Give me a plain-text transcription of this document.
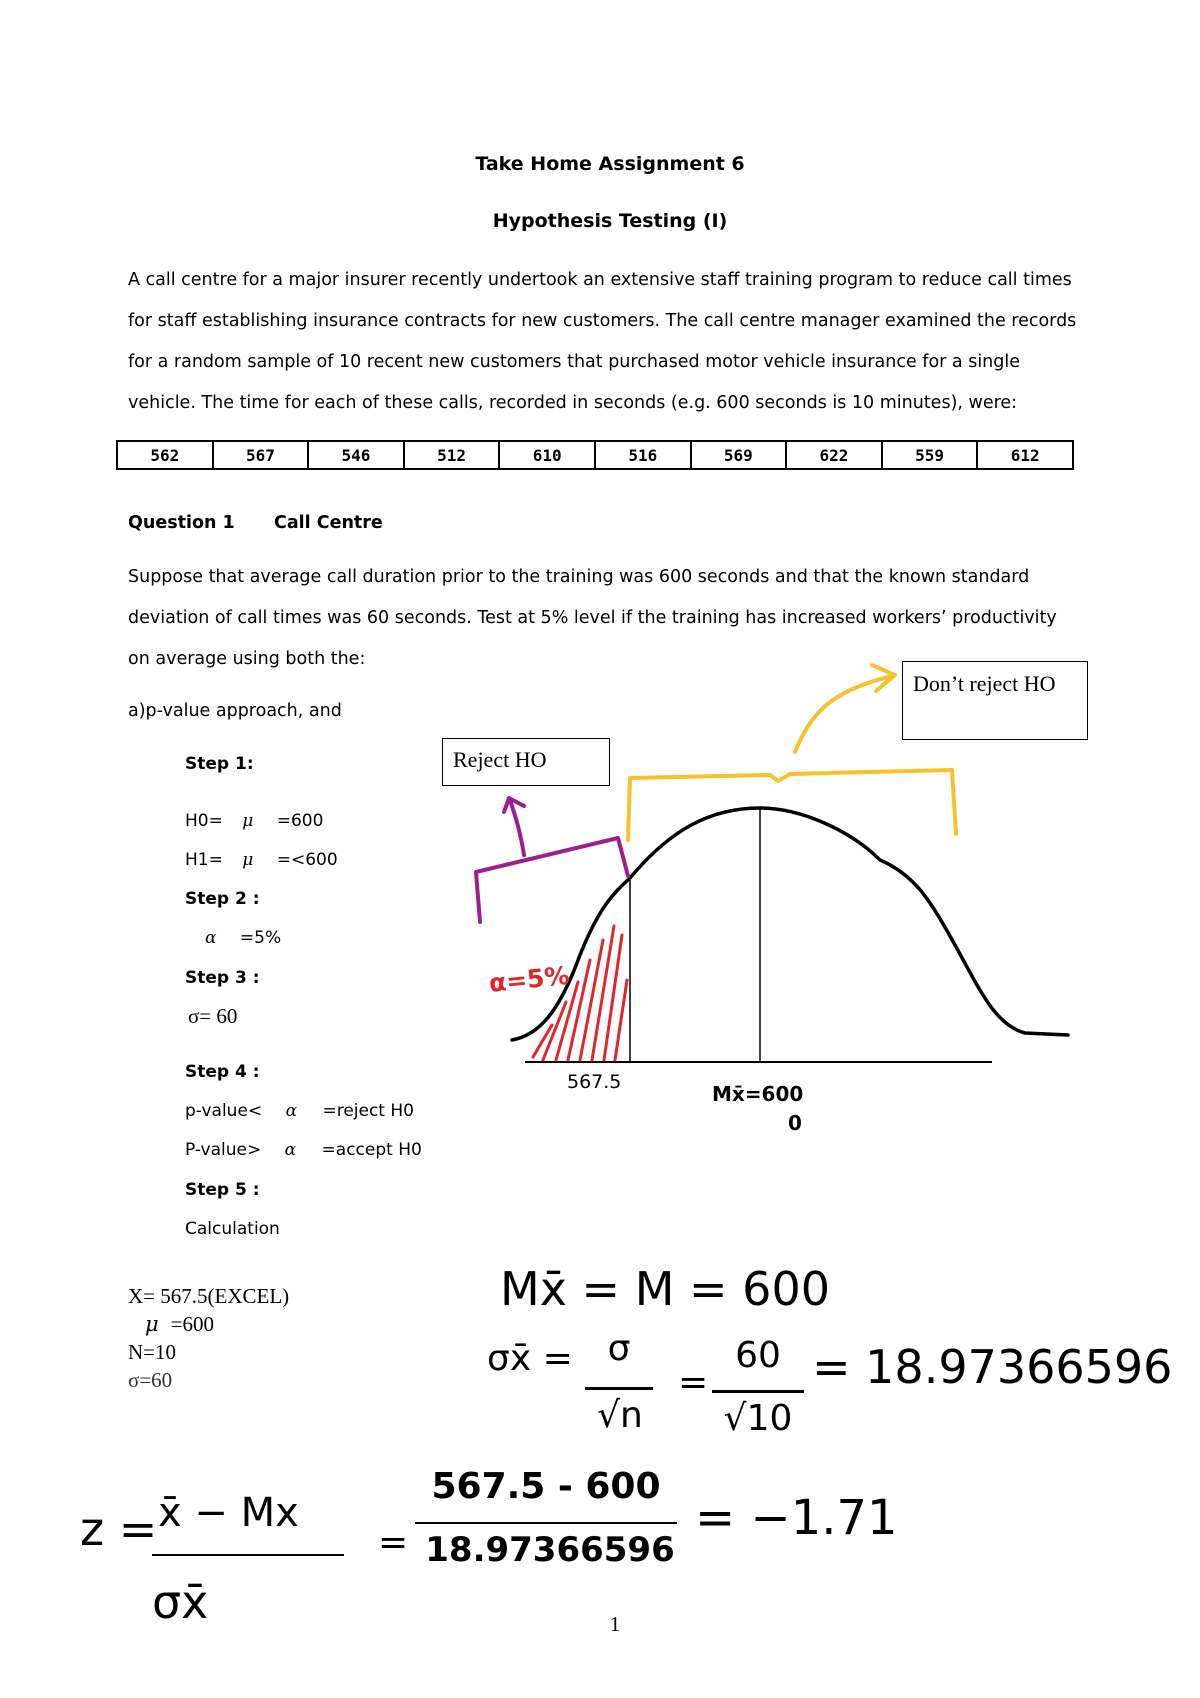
Take Home Assignment 6
Hypothesis Testing (I)

A call centre for a major insurer recently undertook an extensive staff training program to reduce call times

for staff establishing insurance contracts for new customers. The call centre manager examined the records

for a random sample of 10 recent new customers that purchased motor vehicle insurance for a single

vehicle. The time for each of these calls, recorded in seconds (e.g. 600 seconds is 10 minutes), were:

562	567	546	512	610	516	569	622	559	612
Question 1 Call Centre

Suppose that average call duration prior to the training was 600 seconds and that the known standard

deviation of call times was 60 seconds. Test at 5% level if the training has increased workers’ productivity

on average using both the:

a)p-value approach, and
Step 1:
H0= μ =600
H1= μ =<600
Step 2 :
α =5%
Step 3 :
σ= 60
Step 4 :
p-value< α =reject H0
P-value> α =accept H0
Step 5 :
Calculation
X= 567.5(EXCEL)
μ =600
N=10
σ=60
α=5%
567.5	Mx̄=600
0
Reject HO
Don’t reject HO
Mx̄ = M = 600
σx̄ = σ
√n
=
60
√10
= 18.97366596
z = x̄ − Mx
σx̄
=
567.5 - 600
18.97366596
= −1.71
1
